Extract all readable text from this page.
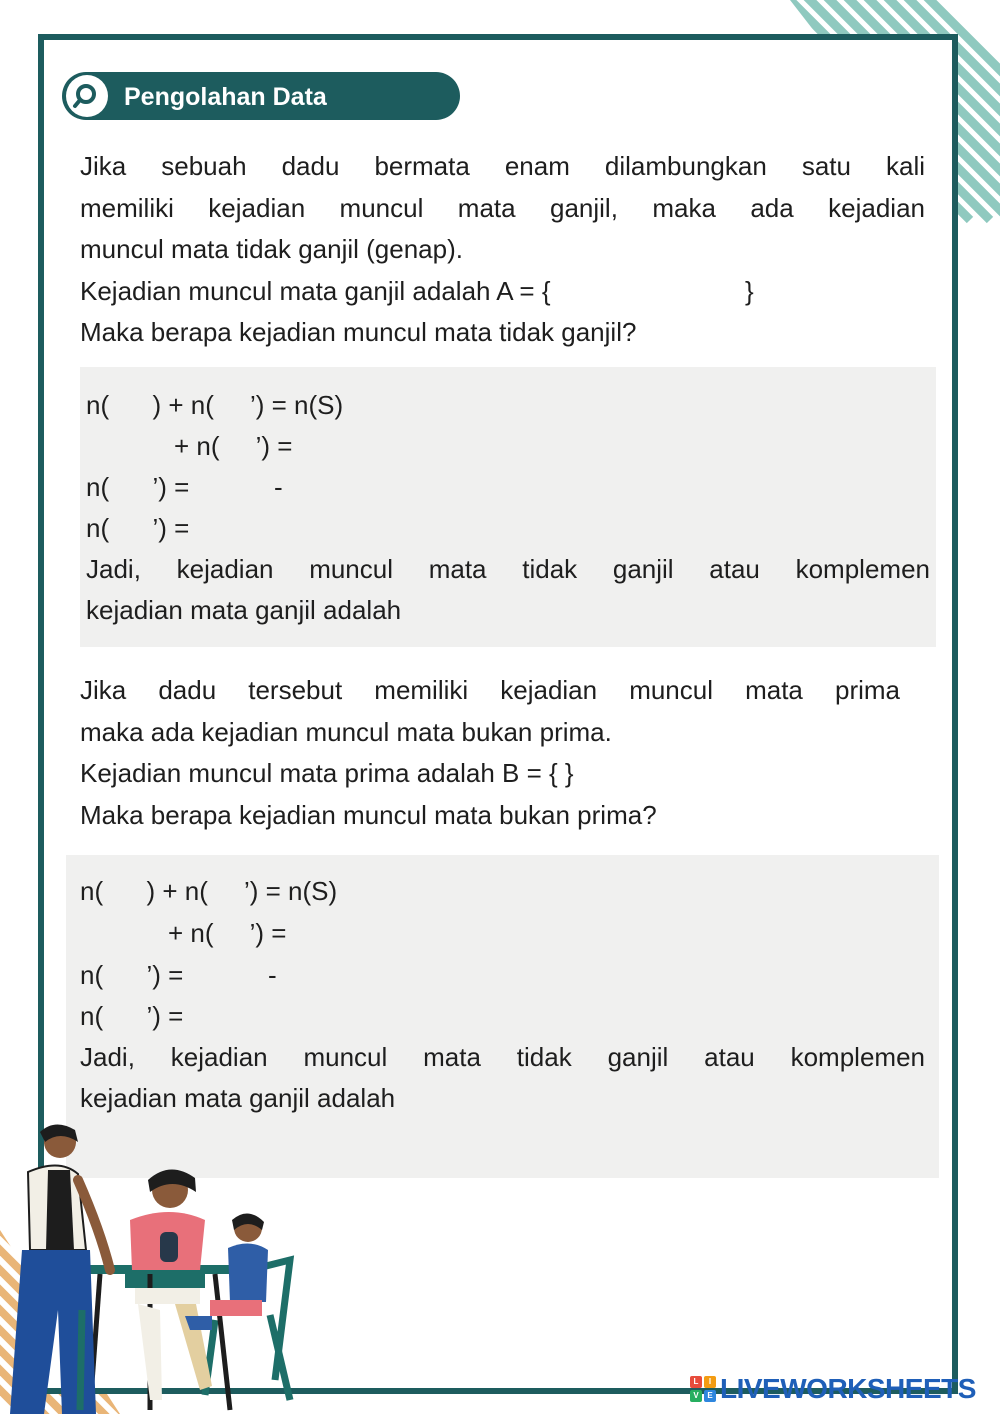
Pengolahan Data

Jika sebuah dadu bermata enam dilambungkan satu kali

memiliki kejadian muncul mata ganjil, maka ada kejadian

muncul mata tidak ganjil (genap).

Kejadian muncul mata ganjil adalah A = {	}

Maka berapa kejadian muncul mata tidak ganjil?

n(      ) + n(     ’) = n(S)
+ n(     ’) =
n(      ’) =	-
n(      ’) =
Jadi, kejadian muncul mata tidak ganjil atau komplemen
kejadian mata ganjil adalah

Jika dadu tersebut memiliki kejadian muncul mata prima

maka ada kejadian muncul mata bukan prima.

Kejadian muncul mata prima adalah B = { }

Maka berapa kejadian muncul mata bukan prima?

n(      ) + n(     ’) = n(S)
+ n(     ’) =
n(      ’) =	-
n(      ’) =
Jadi, kejadian muncul mata tidak ganjil atau komplemen
kejadian mata ganjil adalah
L	I
V	E LIVEWORKSHEETS
